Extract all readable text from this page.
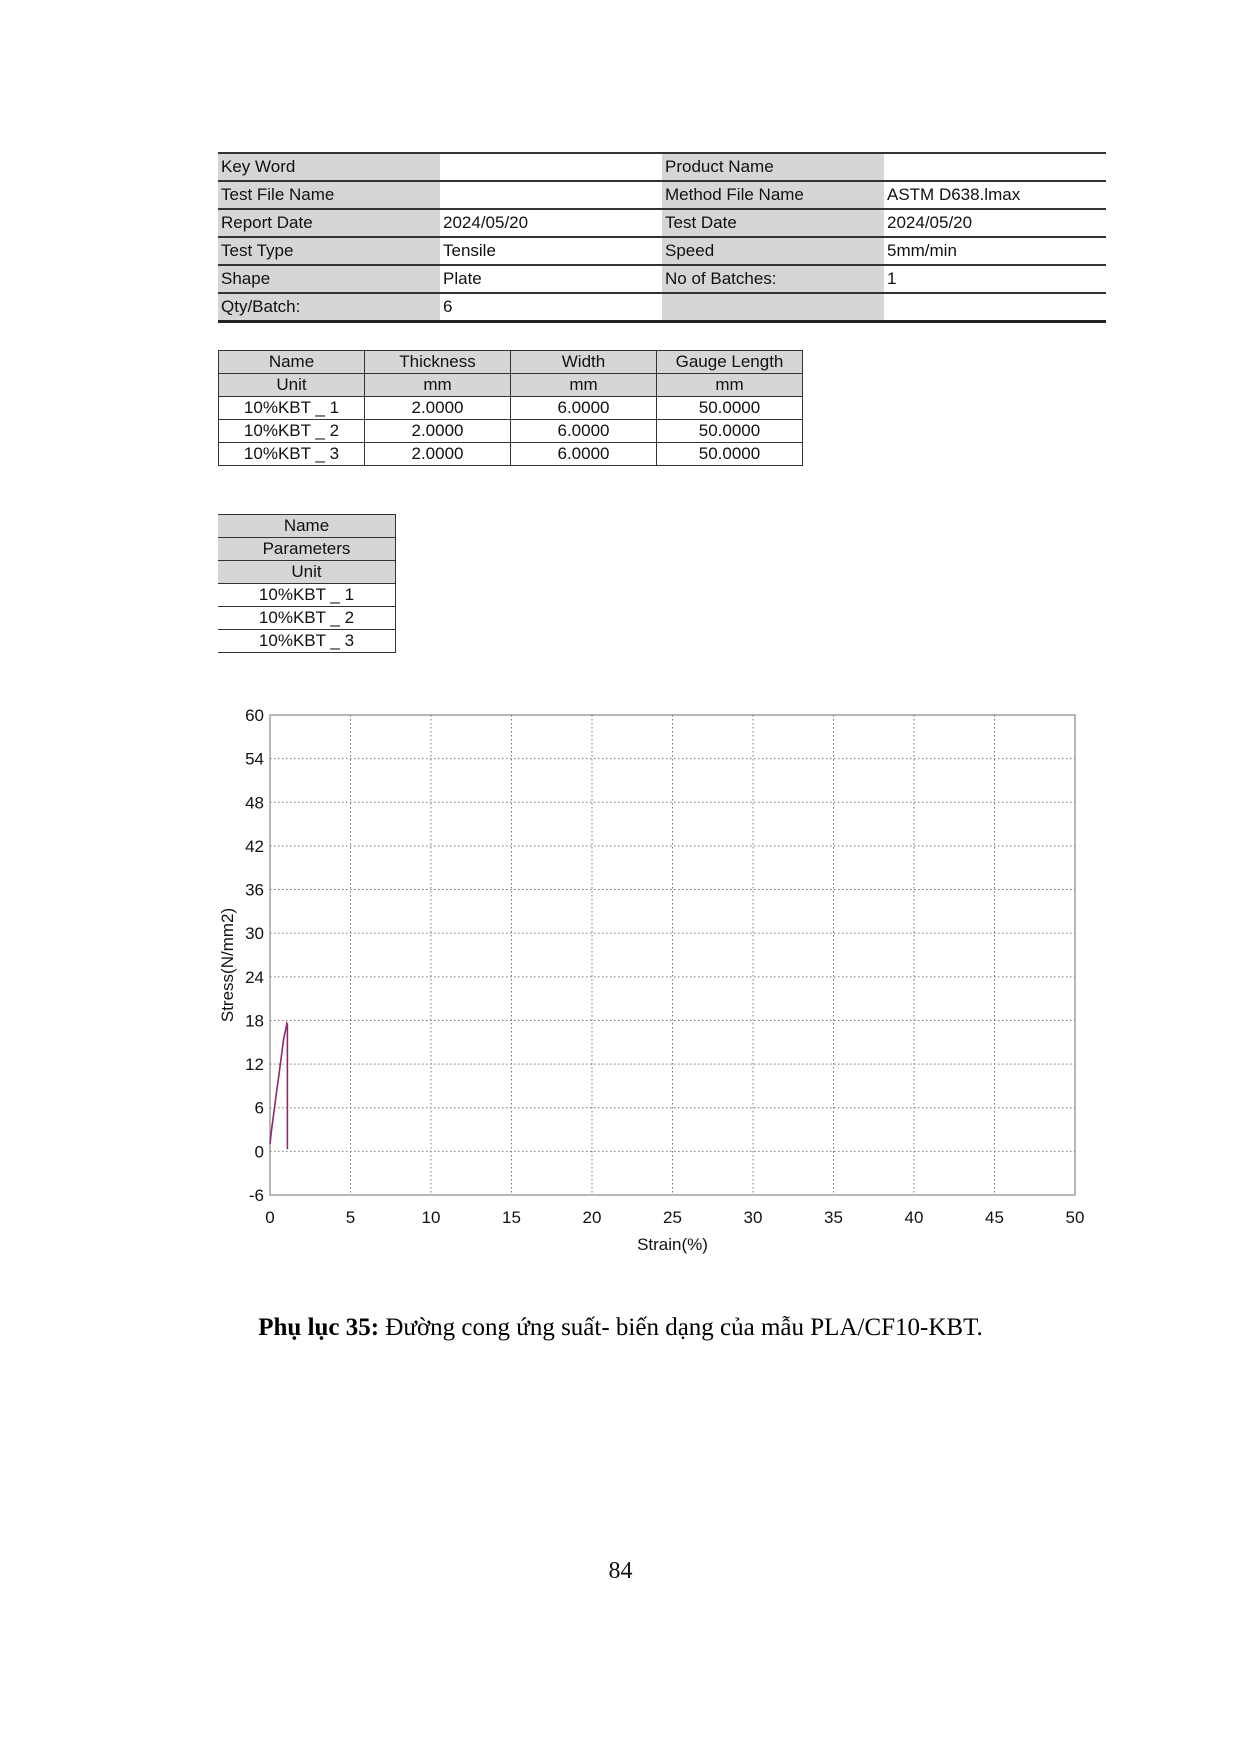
Key Word		Product Name	
Test File Name		Method File Name	ASTM D638.lmax
Report Date	2024/05/20	Test Date	2024/05/20
Test Type	Tensile	Speed	5mm/min
Shape	Plate	No of Batches:	1
Qty/Batch:	6		
Name	Thickness	Width	Gauge Length
Unit	mm	mm	mm
10%KBT _ 1	2.0000	6.0000	50.0000
10%KBT _ 2	2.0000	6.0000	50.0000
10%KBT _ 3	2.0000	6.0000	50.0000
Name
Parameters
Unit
10%KBT _ 1
10%KBT _ 2
10%KBT _ 3
0	5	10	15	20	25	30	35	40	45	50
60
54
48
42
36
30
24
18
12
6
0
-6
Strain(%)
Stress(N/mm2)
Phụ lục 35: Đường cong ứng suất- biến dạng của mẫu PLA/CF10-KBT.
84
